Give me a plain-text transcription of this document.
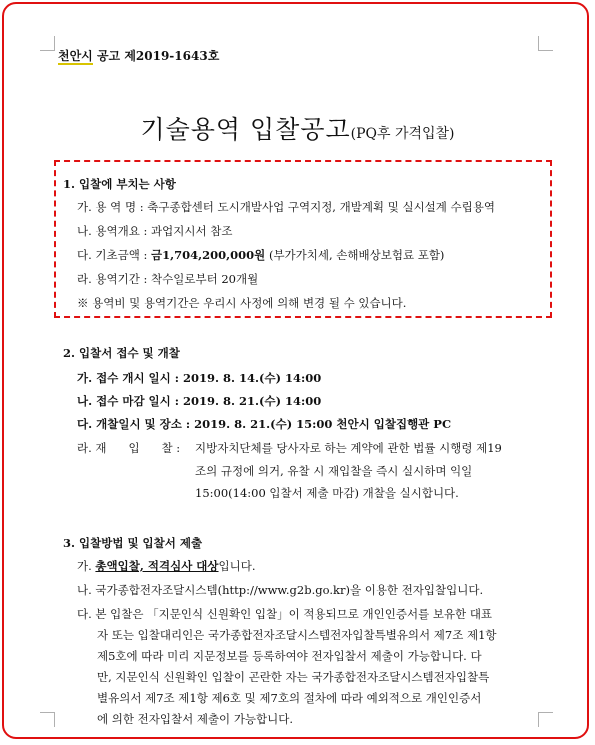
천안시 공고 제2019-1643호
기술용역 입찰공고(PQ후 가격입찰)
1. 입찰에 부치는 사항
가. 용 역 명 : 축구종합센터 도시개발사업 구역지정, 개발계획 및 실시설계 수립용역
나. 용역개요 : 과업지시서 참조
다. 기초금액 : 금1,704,200,000원 (부가가치세, 손해배상보험료 포함)
라. 용역기간 : 착수일로부터 20개월
※ 용역비 및 용역기간은 우리시 사정에 의해 변경 될 수 있습니다.
2. 입찰서 접수 및 개찰
가. 접수 개시 일시 : 2019. 8. 14.(수) 14:00
나. 접수 마감 일시 : 2019. 8. 21.(수) 14:00
다. 개찰일시 및 장소 : 2019. 8. 21.(수) 15:00 천안시 입찰집행관 PC
라. 재      입      찰 : 지방자치단체를 당사자로 하는 계약에 관한 법률 시행령 제19
조의 규정에 의거, 유찰 시 재입찰을 즉시 실시하며 익일
15:00(14:00 입찰서 제출 마감) 개찰을 실시합니다.
3. 입찰방법 및 입찰서 제출
가. 총액입찰, 적격심사 대상입니다.
나. 국가종합전자조달시스템(http://www.g2b.go.kr)을 이용한 전자입찰입니다.
다. 본 입찰은 「지문인식 신원확인 입찰」이 적용되므로 개인인증서를 보유한 대표
자 또는 입찰대리인은 국가종합전자조달시스템전자입찰특별유의서 제7조 제1항
제5호에 따라 미리 지문정보를 등록하여야 전자입찰서 제출이 가능합니다. 다
만, 지문인식 신원확인 입찰이 곤란한 자는 국가종합전자조달시스템전자입찰특
별유의서 제7조 제1항 제6호 및 제7호의 절차에 따라 예외적으로 개인인증서
에 의한 전자입찰서 제출이 가능합니다.
